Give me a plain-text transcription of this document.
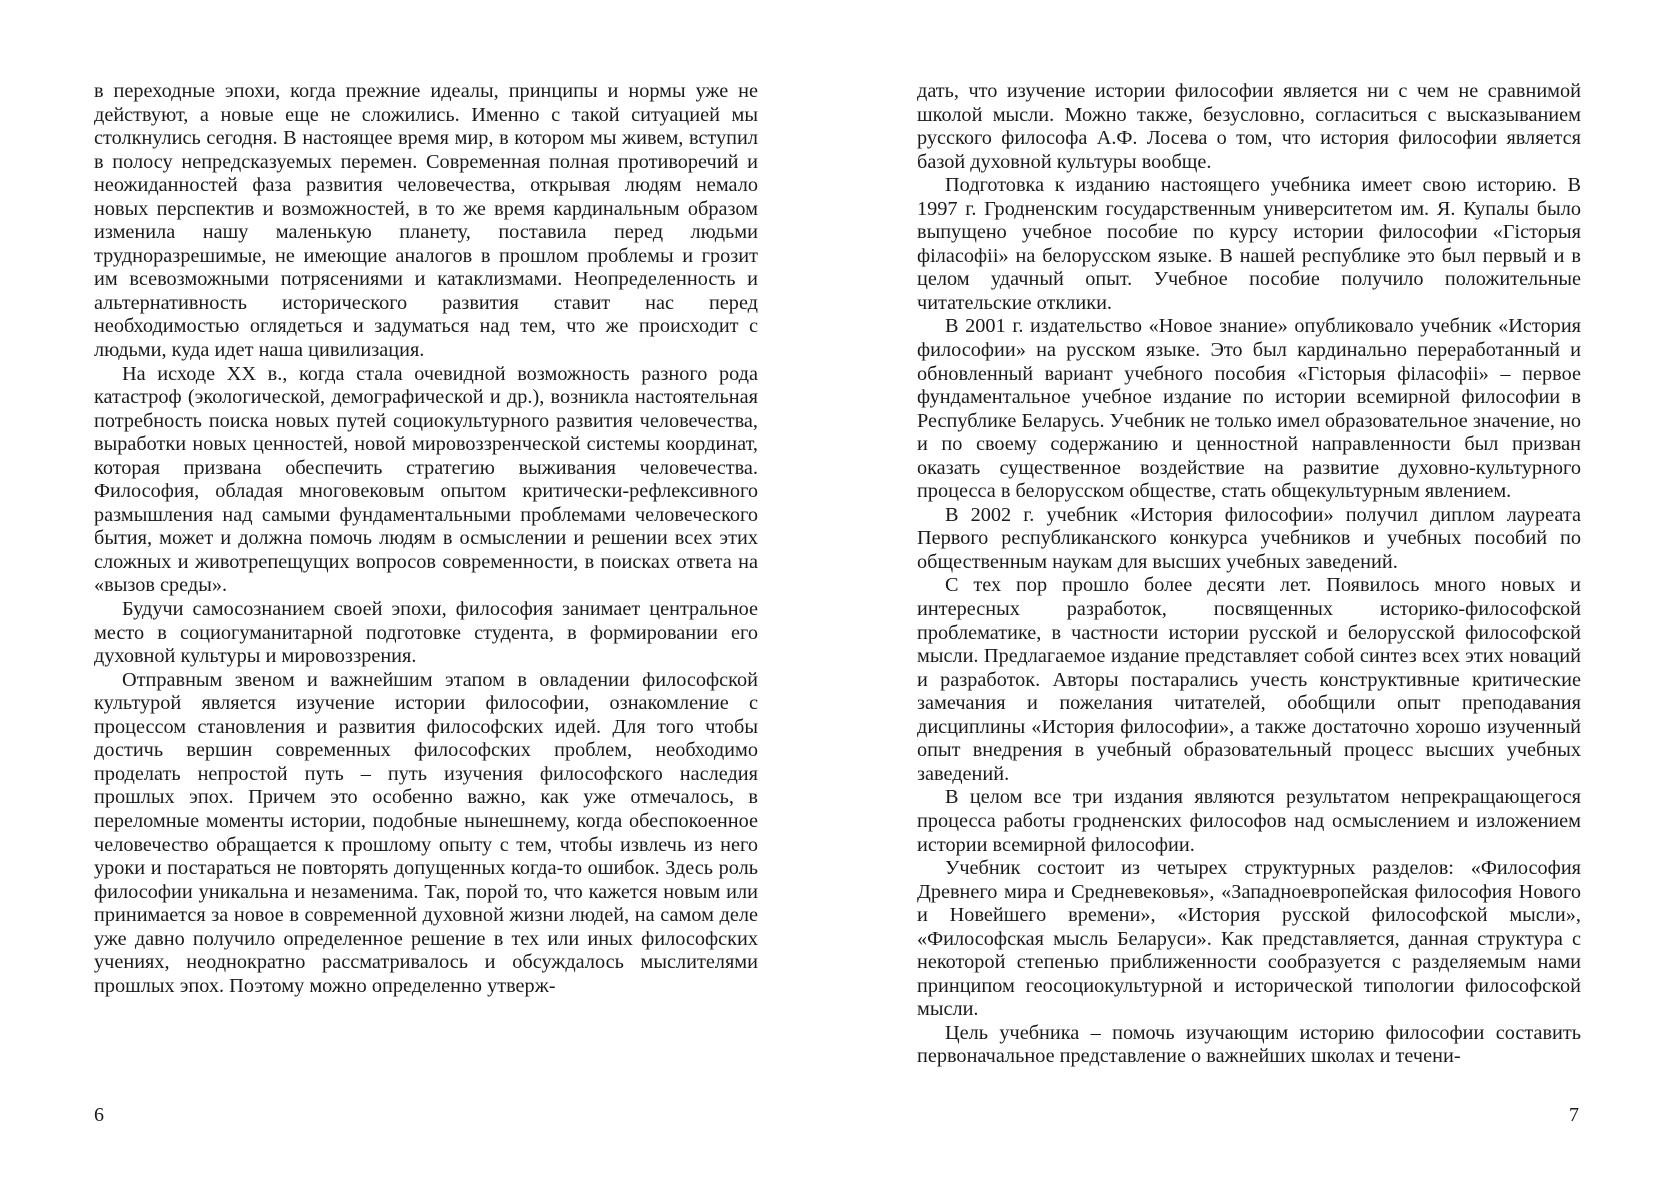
в переходные эпохи, когда прежние идеалы, принципы и нормы уже не действуют, а новые еще не сложились. Именно с такой ситуацией мы столкнулись сегодня. В настоящее время мир, в котором мы живем, вступил в полосу непредсказуемых перемен. Современная полная противоречий и неожиданностей фаза развития человечества, открывая людям немало новых перспектив и возможностей, в то же время кардинальным образом изменила нашу маленькую планету, поставила перед людьми трудноразрешимые, не имеющие аналогов в прошлом проблемы и грозит им всевозможными потрясениями и катаклизмами. Неопределенность и альтернативность исторического развития ставит нас перед необходимостью оглядеться и задуматься над тем, что же происходит с людьми, куда идет наша цивилизация.

На исходе XX в., когда стала очевидной возможность разного рода катастроф (экологической, демографической и др.), возникла настоятельная потребность поиска новых путей социокультурного развития человечества, выработки новых ценностей, новой мировоззренческой системы координат, которая призвана обеспечить стратегию выживания человечества. Философия, обладая многовековым опытом критически-рефлексивного размышления над самыми фундаментальными проблемами человеческого бытия, может и должна помочь людям в осмыслении и решении всех этих сложных и животрепещущих вопросов современности, в поисках ответа на «вызов среды».

Будучи самосознанием своей эпохи, философия занимает центральное место в социогуманитарной подготовке студента, в формировании его духовной культуры и мировоззрения.

Отправным звеном и важнейшим этапом в овладении философской культурой является изучение истории философии, ознакомление с процессом становления и развития философских идей. Для того чтобы достичь вершин современных философских проблем, необходимо проделать непростой путь – путь изучения философского наследия прошлых эпох. Причем это особенно важно, как уже отмечалось, в переломные моменты истории, подобные нынешнему, когда обеспокоенное человечество обращается к прошлому опыту с тем, чтобы извлечь из него уроки и постараться не повторять допущенных когда-то ошибок. Здесь роль философии уникальна и незаменима. Так, порой то, что кажется новым или принимается за новое в современной духовной жизни людей, на самом деле уже давно получило определенное решение в тех или иных философских учениях, неоднократно рассматривалось и обсуждалось мыслителями прошлых эпох. Поэтому можно определенно утверж-

дать, что изучение истории философии является ни с чем не сравнимой школой мысли. Можно также, безусловно, согласиться с высказыванием русского философа А.Ф. Лосева о том, что история философии является базой духовной культуры вообще.

Подготовка к изданию настоящего учебника имеет свою историю. В 1997 г. Гродненским государственным университетом им. Я. Купалы было выпущено учебное пособие по курсу истории философии «Гісторыя філасофіі» на белорусском языке. В нашей республике это был первый и в целом удачный опыт. Учебное пособие получило положительные читательские отклики.

В 2001 г. издательство «Новое знание» опубликовало учебник «История философии» на русском языке. Это был кардинально переработанный и обновленный вариант учебного пособия «Гісторыя філасофіі» – первое фундаментальное учебное издание по истории всемирной философии в Республике Беларусь. Учебник не только имел образовательное значение, но и по своему содержанию и ценностной направленности был призван оказать существенное воздействие на развитие духовно-культурного процесса в белорусском обществе, стать общекультурным явлением.

В 2002 г. учебник «История философии» получил диплом лауреата Первого республиканского конкурса учебников и учебных пособий по общественным наукам для высших учебных заведений.

С тех пор прошло более десяти лет. Появилось много новых и интересных разработок, посвященных историко-философской проблематике, в частности истории русской и белорусской философской мысли. Предлагаемое издание представляет собой синтез всех этих новаций и разработок. Авторы постарались учесть конструктивные критические замечания и пожелания читателей, обобщили опыт преподавания дисциплины «История философии», а также достаточно хорошо изученный опыт внедрения в учебный образовательный процесс высших учебных заведений.

В целом все три издания являются результатом непрекращающегося процесса работы гродненских философов над осмыслением и изложением истории всемирной философии.

Учебник состоит из четырех структурных разделов: «Философия Древнего мира и Средневековья», «Западноевропейская философия Нового и Новейшего времени», «История русской философской мысли», «Философская мысль Беларуси». Как представляется, данная структура с некоторой степенью приближенности сообразуется с разделяемым нами принципом геосоциокультурной и исторической типологии философской мысли.

Цель учебника – помочь изучающим историю философии составить первоначальное представление о важнейших школах и течени-

6	7
